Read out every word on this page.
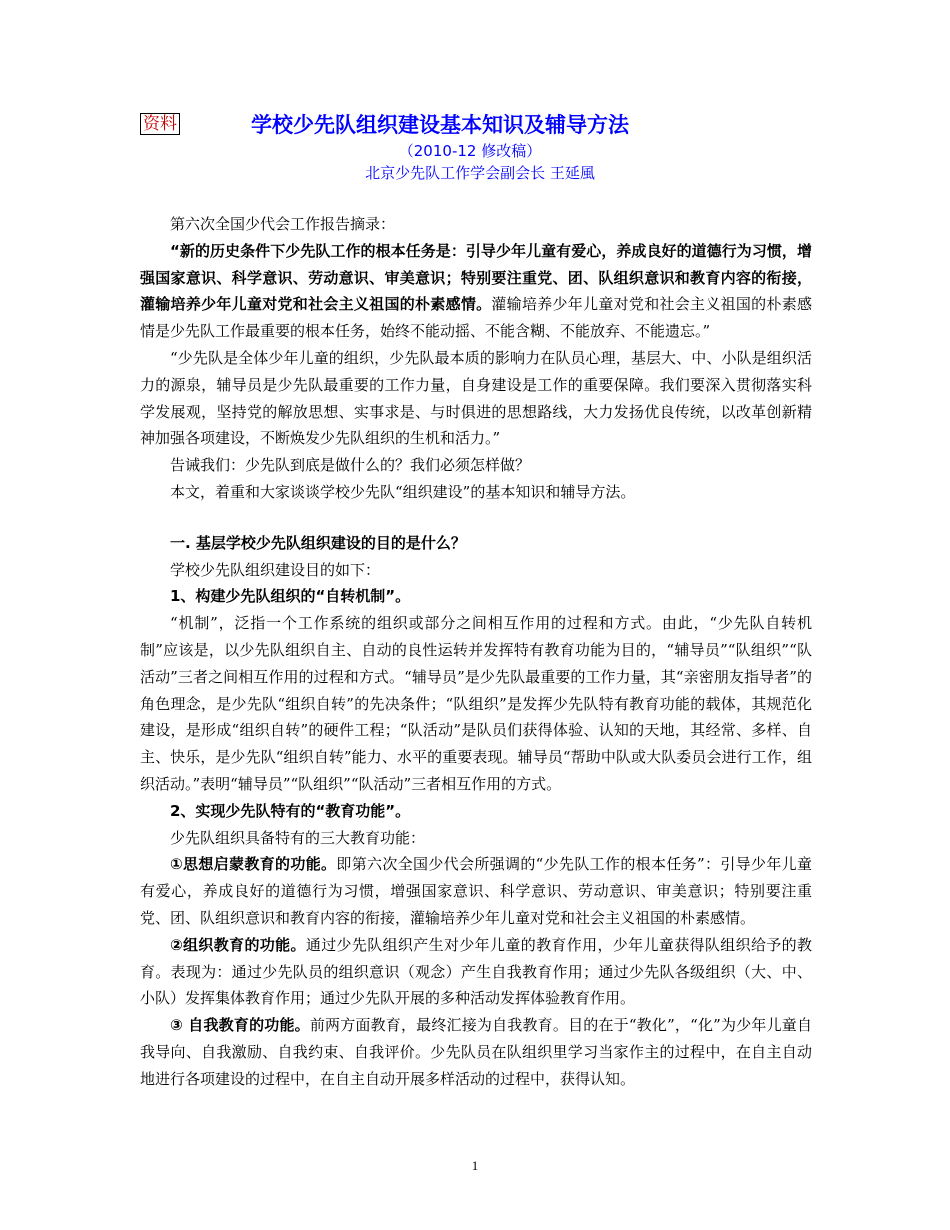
资料	学校少先队组织建设基本知识及辅导方法
（2010-12 修改稿）
北京少先队工作学会副会长 王延風

第六次全国少代会工作报告摘录：

“新的历史条件下少先队工作的根本任务是：引导少年儿童有爱心，养成良好的道德行为习惯，增强国家意识、科学意识、劳动意识、审美意识；特别要注重党、团、队组织意识和教育内容的衔接，灌输培养少年儿童对党和社会主义祖国的朴素感情。灌输培养少年儿童对党和社会主义祖国的朴素感情是少先队工作最重要的根本任务，始终不能动摇、不能含糊、不能放弃、不能遗忘。”

“少先队是全体少年儿童的组织，少先队最本质的影响力在队员心理，基层大、中、小队是组织活力的源泉，辅导员是少先队最重要的工作力量，自身建设是工作的重要保障。我们要深入贯彻落实科学发展观，坚持党的解放思想、实事求是、与时俱进的思想路线，大力发扬优良传统，以改革创新精神加强各项建设，不断焕发少先队组织的生机和活力。”

告诫我们：少先队到底是做什么的？我们必须怎样做？

本文，着重和大家谈谈学校少先队“组织建设”的基本知识和辅导方法。

一. 基层学校少先队组织建设的目的是什么？

学校少先队组织建设目的如下：

1、构建少先队组织的“自转机制”。

“机制”，泛指一个工作系统的组织或部分之间相互作用的过程和方式。由此，“少先队自转机制”应该是，以少先队组织自主、自动的良性运转并发挥特有教育功能为目的，“辅导员”“队组织”“队活动”三者之间相互作用的过程和方式。“辅导员”是少先队最重要的工作力量，其“亲密朋友指导者”的角色理念，是少先队“组织自转”的先决条件；“队组织”是发挥少先队特有教育功能的载体，其规范化建设，是形成“组织自转”的硬件工程；“队活动”是队员们获得体验、认知的天地，其经常、多样、自主、快乐，是少先队“组织自转”能力、水平的重要表现。辅导员“帮助中队或大队委员会进行工作，组织活动。”表明“辅导员”“队组织”“队活动”三者相互作用的方式。

2、实现少先队特有的“教育功能”。

少先队组织具备特有的三大教育功能：

①思想启蒙教育的功能。即第六次全国少代会所强调的“少先队工作的根本任务”：引导少年儿童有爱心，养成良好的道德行为习惯，增强国家意识、科学意识、劳动意识、审美意识；特别要注重党、团、队组织意识和教育内容的衔接，灌输培养少年儿童对党和社会主义祖国的朴素感情。

②组织教育的功能。通过少先队组织产生对少年儿童的教育作用，少年儿童获得队组织给予的教育。表现为：通过少先队员的组织意识（观念）产生自我教育作用；通过少先队各级组织（大、中、小队）发挥集体教育作用；通过少先队开展的多种活动发挥体验教育作用。

③ 自我教育的功能。前两方面教育，最终汇接为自我教育。目的在于“教化”，“化”为少年儿童自我导向、自我激励、自我约束、自我评价。少先队员在队组织里学习当家作主的过程中，在自主自动地进行各项建设的过程中，在自主自动开展多样活动的过程中，获得认知。

1
